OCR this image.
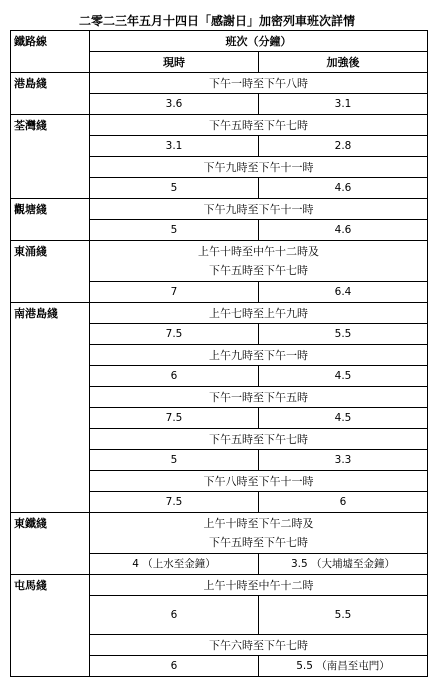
二零二三年五月十四日「感謝日」加密列車班次詳情
鐵路線	班次（分鐘）	
	現時	加強後
港島綫	下午一時至下午八時	
	3.6	3.1
荃灣綫	下午五時至下午七時	
	3.1	2.8
	下午九時至下午十一時	
	5	4.6
觀塘綫	下午九時至下午十一時	
	5	4.6
東涌綫	上午十時至中午十二時及
下午五時至下午七時	

	7	6.4
南港島綫	上午七時至上午九時	
	7.5	5.5
	上午九時至下午一時	
	6	4.5
	下午一時至下午五時	
	7.5	4.5
	下午五時至下午七時	
	5	3.3
	下午八時至下午十一時	
	7.5	6
東鐵綫	上午十時至下午二時及
下午五時至下午七時	

	4 （上水至金鐘）	3.5 （大埔墟至金鐘）
屯馬綫	上午十時至中午十二時	
	6	5.5
	下午六時至下午七時	
	6	5.5 （南昌至屯門）
